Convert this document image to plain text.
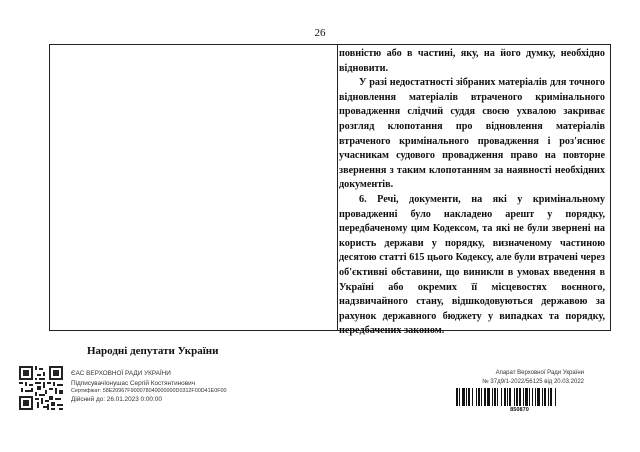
26

повністю або в частині, яку, на його думку, необхідно відновити.

У разі недостатності зібраних матеріалів для точного відновлення матеріалів втраченого кримінального провадження слідчий суддя своєю ухвалою закриває розгляд клопотання про відновлення матеріалів втраченого кримінального провадження і роз'яснює учасникам судового провадження право на повторне звернення з таким клопотанням за наявності необхідних документів.

6. Речі, документи, на які у кримінальному провадженні було накладено арешт у порядку, передбаченому цим Кодексом, та які не були звернені на користь держави у порядку, визначеному частиною десятою статті 615 цього Кодексу, але були втрачені через об'єктивні обставини, що виникли в умовах введення в Україні або окремих її місцевостях воєнного, надзвичайного стану, відшкодовуються державою за рахунок державного бюджету у випадках та порядку, передбачених законом.

Народні депутати України
ЄАС ВЕРХОВНОЇ РАДИ УКРАЇНИ
ПідписувачІонушас Сергій Костянтинович
Сертифікат: 58E20967F900078040000000D0312F00D41E0F00
Дійсний до: 26.01.2023 0:00:00
Апарат Верховної Ради України
№ 37д9/1-2022/56125 від 20.03.2022
850870
